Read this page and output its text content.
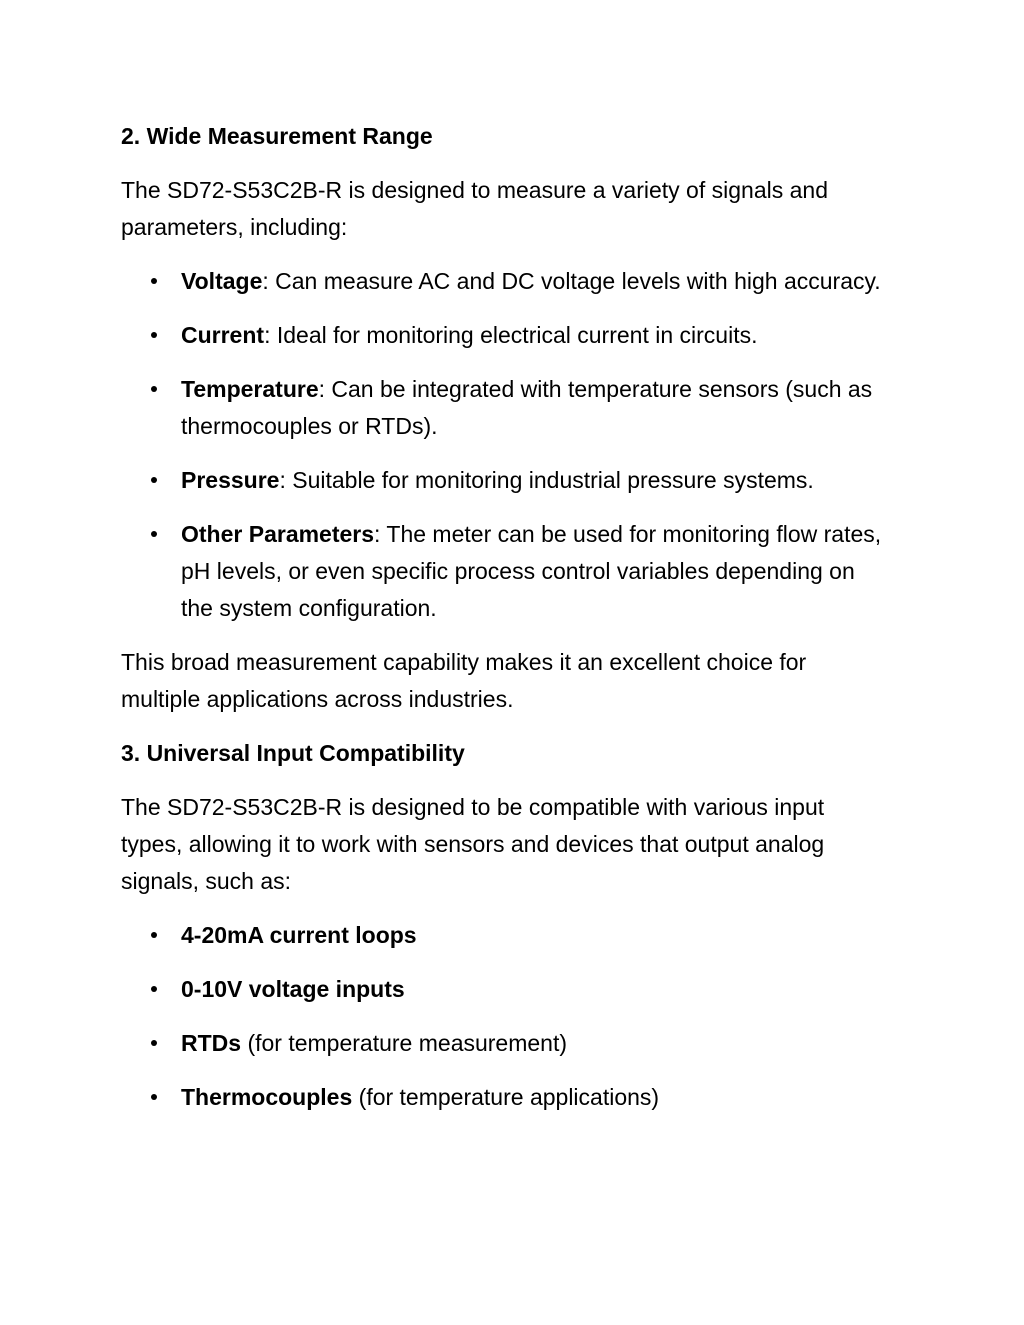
2. Wide Measurement Range
The SD72-S53C2B-R is designed to measure a variety of signals and parameters, including:
Voltage: Can measure AC and DC voltage levels with high accuracy.
Current: Ideal for monitoring electrical current in circuits.
Temperature: Can be integrated with temperature sensors (such as thermocouples or RTDs).
Pressure: Suitable for monitoring industrial pressure systems.
Other Parameters: The meter can be used for monitoring flow rates, pH levels, or even specific process control variables depending on the system configuration.
This broad measurement capability makes it an excellent choice for multiple applications across industries.
3. Universal Input Compatibility
The SD72-S53C2B-R is designed to be compatible with various input types, allowing it to work with sensors and devices that output analog signals, such as:
4-20mA current loops
0-10V voltage inputs
RTDs (for temperature measurement)
Thermocouples (for temperature applications)
